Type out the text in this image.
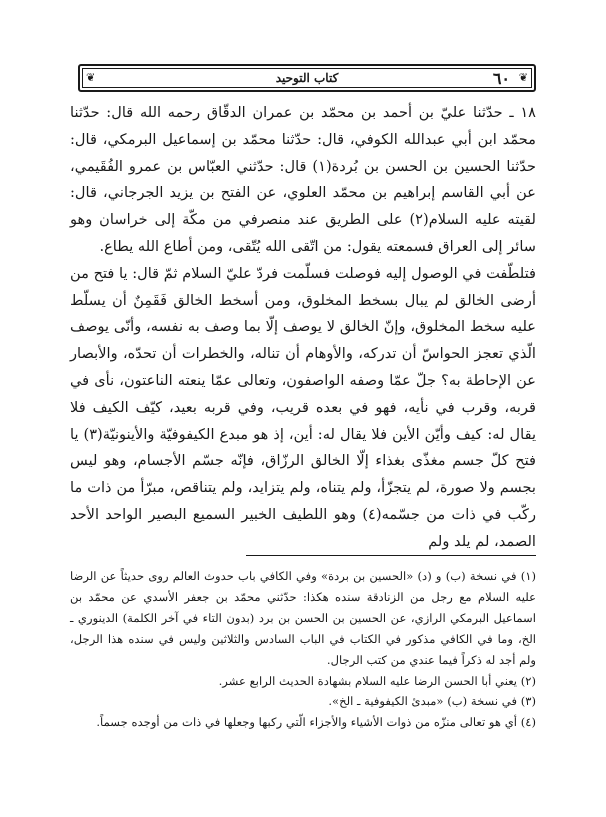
❦
٦٠
كتاب التوحيد
❦

١٨ ـ حدّثنا عليّ بن أحمد بن محمّد بن عمران الدقّاق رحمه الله قال: حدّثنا محمّد ابن أبي عبدالله الكوفي، قال: حدّثنا محمّد بن إسماعيل البرمكي، قال: حدّثنا الحسين بن الحسن بن بُردة(١) قال: حدّثني العبّاس بن عمرو الفُقَيمي، عن أبي القاسم إبراهيم بن محمّد العلوي، عن الفتح بن يزيد الجرجاني، قال: لقيته عليه السلام(٢) على الطريق عند منصرفي من مكّة إلى خراسان وهو سائر إلى العراق فسمعته يقول: من اتّقى الله يُتّقى، ومن أطاع الله يطاع.

فتلطّفت في الوصول إليه فوصلت فسلّمت فردّ عليّ السلام ثمّ قال: يا فتح من أرضى الخالق لم يبال بسخط المخلوق، ومن أسخط الخالق فَقَمِنٌ أن يسلّط عليه سخط المخلوق، وإنّ الخالق لا يوصف إلّا بما وصف به نفسه، وأنّى يوصف الّذي تعجز الحواسّ أن تدركه، والأوهام أن تناله، والخطرات أن تحدّه، والأبصار عن الإحاطة به؟ جلّ عمّا وصفه الواصفون، وتعالى عمّا ينعته الناعتون، نأى في قربه، وقرب في نأيه، فهو في بعده قريب، وفي قربه بعيد، كيّف الكيف فلا يقال له: كيف وأيّن الأين فلا يقال له: أين، إذ هو مبدع الكيفوفيّة والأينونيّة(٣) يا فتح كلّ جسم مغذّى بغذاء إلّا الخالق الرزّاق، فإنّه جسّم الأجسام، وهو ليس بجسم ولا صورة، لم يتجزّأ، ولم يتناه، ولم يتزايد، ولم يتناقص، مبرّأ من ذات ما ركّب في ذات من جسّمه(٤) وهو اللطيف الخبير السميع البصير الواحد الأحد الصمد، لم يلد ولم

(١) في نسخة (ب) و (د) «الحسين بن بردة» وفي الكافي باب حدوث العالم روى حديثاً عن الرضا عليه السلام مع رجل من الزنادقة سنده هكذا: حدّثني محمّد بن جعفر الأسدي عن محمّد بن اسماعيل البرمكي الرازي، عن الحسين بن الحسن بن برد (بدون التاء في آخر الكلمة) الدينوري ـ الخ، وما في الكافي مذكور في الكتاب في الباب السادس والثلاثين وليس في سنده هذا الرجل، ولم أجد له ذكراً فيما عندي من كتب الرجال.

(٢) يعني أبا الحسن الرضا عليه السلام بشهادة الحديث الرابع عشر.

(٣) في نسخة (ب) «مبدئ الكيفوفية ـ الخ».

(٤) أي هو تعالى منزّه من ذوات الأشياء والأجزاء الّتي ركبها وجعلها في ذات من أوجده جسماً.
